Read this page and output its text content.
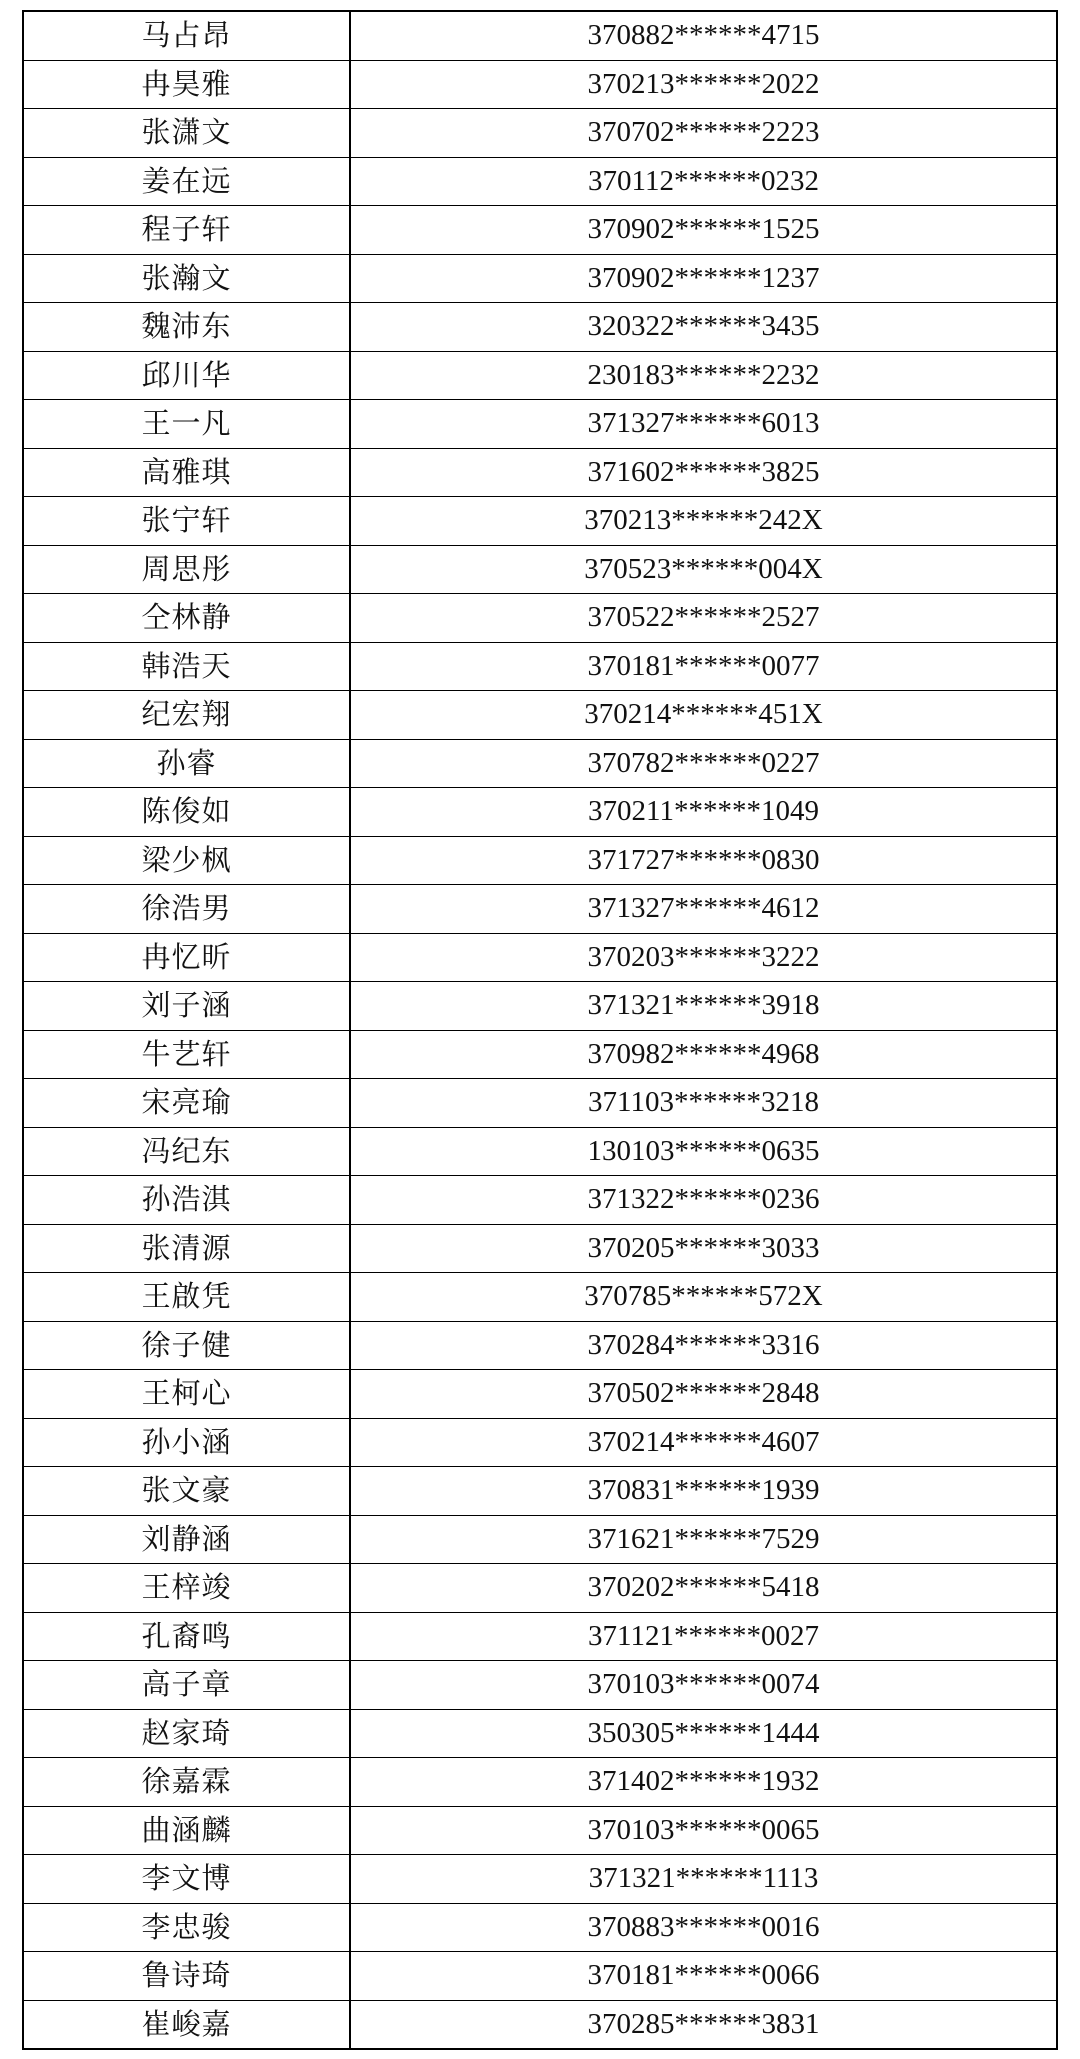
马占昂	370882******4715
冉昊雅	370213******2022
张潇文	370702******2223
姜在远	370112******0232
程子轩	370902******1525
张瀚文	370902******1237
魏沛东	320322******3435
邱川华	230183******2232
王一凡	371327******6013
高雅琪	371602******3825
张宁轩	370213******242X
周思彤	370523******004X
仝林静	370522******2527
韩浩天	370181******0077
纪宏翔	370214******451X
孙睿	370782******0227
陈俊如	370211******1049
梁少枫	371727******0830
徐浩男	371327******4612
冉忆昕	370203******3222
刘子涵	371321******3918
牛艺轩	370982******4968
宋亮瑜	371103******3218
冯纪东	130103******0635
孙浩淇	371322******0236
张清源	370205******3033
王啟凭	370785******572X
徐子健	370284******3316
王柯心	370502******2848
孙小涵	370214******4607
张文豪	370831******1939
刘静涵	371621******7529
王梓竣	370202******5418
孔裔鸣	371121******0027
高子章	370103******0074
赵家琦	350305******1444
徐嘉霖	371402******1932
曲涵麟	370103******0065
李文博	371321******1113
李忠骏	370883******0016
鲁诗琦	370181******0066
崔峻嘉	370285******3831
